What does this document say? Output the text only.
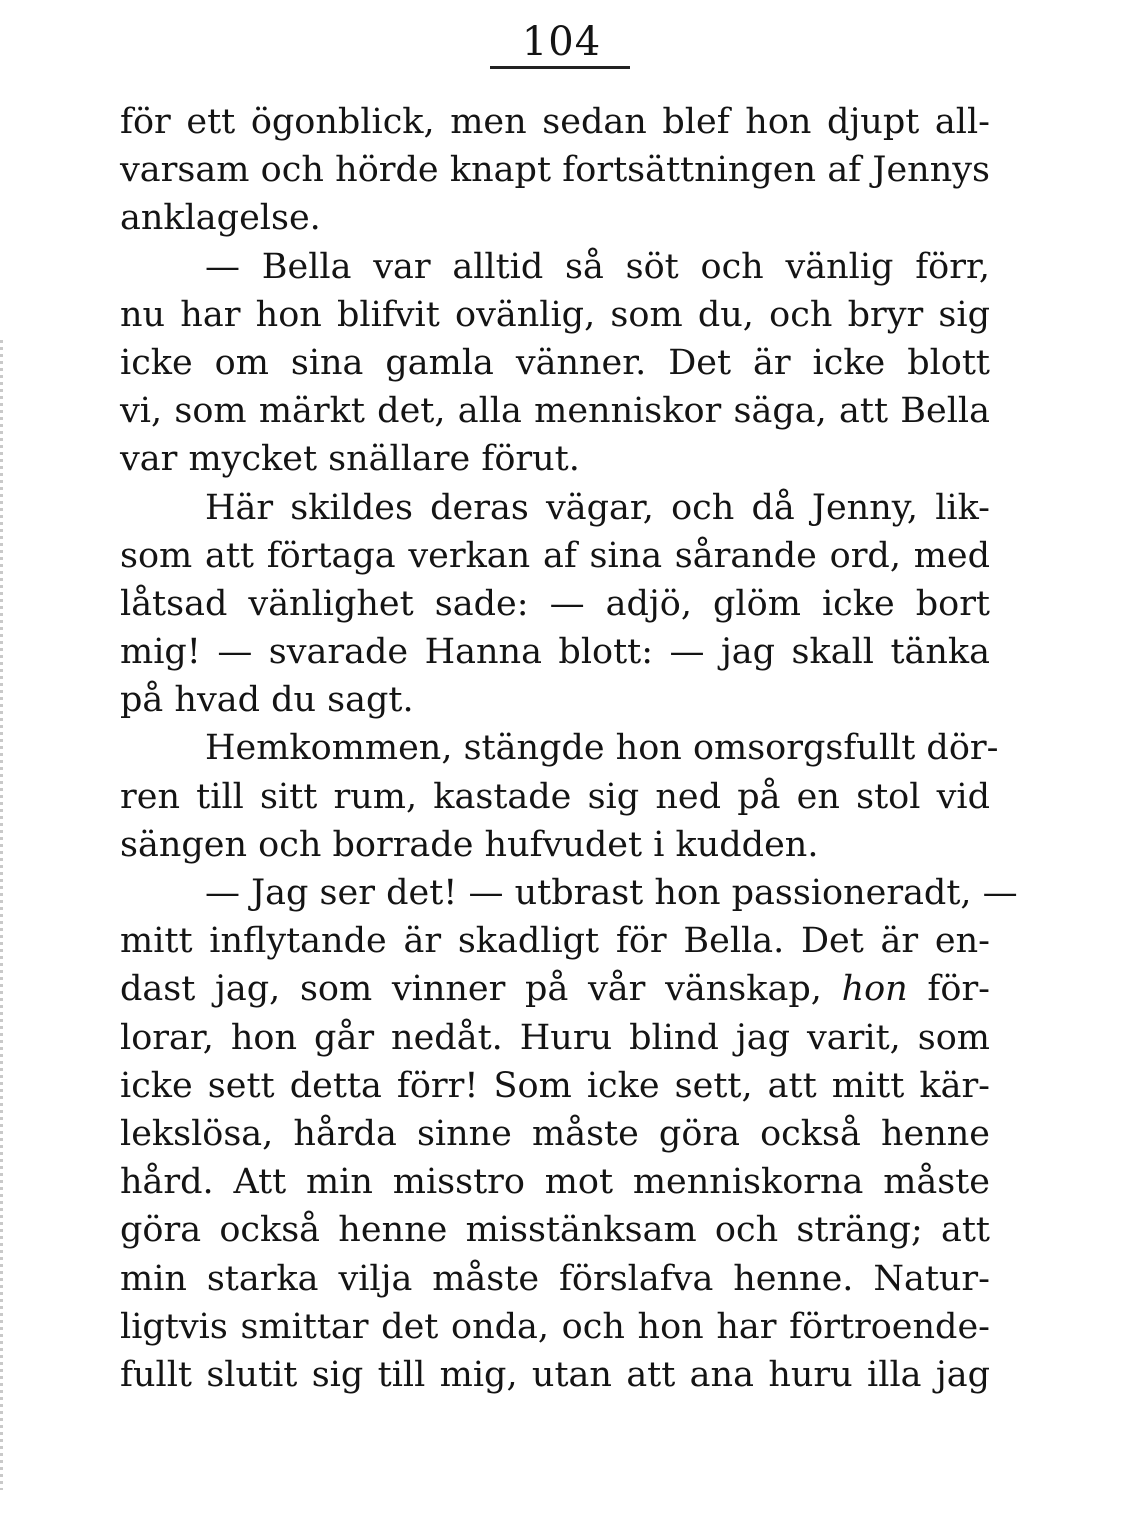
104
för ett ögonblick, men sedan blef hon djupt all-
varsam och hörde knapt fortsättningen af Jennys
anklagelse.
— Bella var alltid så söt och vänlig förr,
nu har hon blifvit ovänlig, som du, och bryr sig
icke om sina gamla vänner. Det är icke blott
vi, som märkt det, alla menniskor säga, att Bella
var mycket snällare förut.
Här skildes deras vägar, och då Jenny, lik-
som att förtaga verkan af sina sårande ord, med
låtsad vänlighet sade: — adjö, glöm icke bort
mig! — svarade Hanna blott: — jag skall tänka
på hvad du sagt.
Hemkommen, stängde hon omsorgsfullt dör-
ren till sitt rum, kastade sig ned på en stol vid
sängen och borrade hufvudet i kudden.
— Jag ser det! — utbrast hon passioneradt, —
mitt inflytande är skadligt för Bella. Det är en-
dast jag, som vinner på vår vänskap, hon för-
lorar, hon går nedåt. Huru blind jag varit, som
icke sett detta förr! Som icke sett, att mitt kär-
lekslösa, hårda sinne måste göra också henne
hård. Att min misstro mot menniskorna måste
göra också henne misstänksam och sträng; att
min starka vilja måste förslafva henne. Natur-
ligtvis smittar det onda, och hon har förtroende-
fullt slutit sig till mig, utan att ana huru illa jag
